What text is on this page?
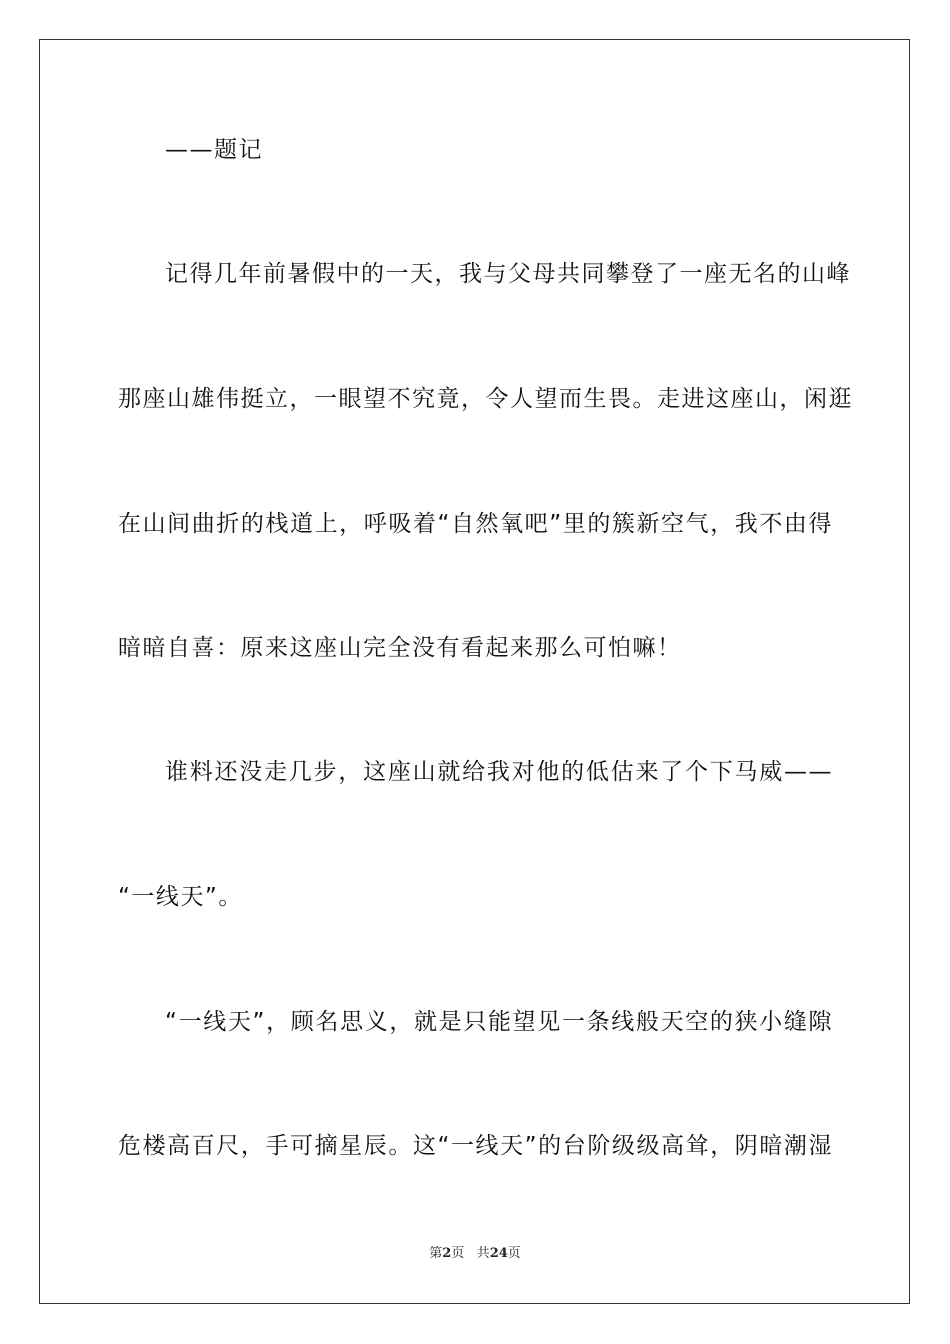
——题记
记得几年前暑假中的一天，我与父母共同攀登了一座无名的山峰
那座山雄伟挺立，一眼望不究竟，令人望而生畏。走进这座山，闲逛
在山间曲折的栈道上，呼吸着“自然氧吧”里的簇新空气，我不由得
暗暗自喜：原来这座山完全没有看起来那么可怕嘛！
谁料还没走几步，这座山就给我对他的低估来了个下马威——
“一线天”。
“一线天”，顾名思义，就是只能望见一条线般天空的狭小缝隙
危楼高百尺，手可摘星辰。这“一线天”的台阶级级高耸，阴暗潮湿
第2页 共24页
